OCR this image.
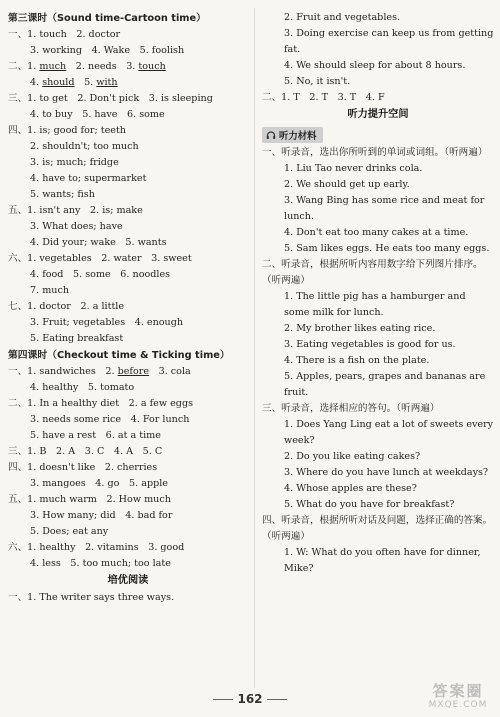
第三课时（Sound time-Cartoon time）
一、1. touch　2. doctor
3. working　4. Wake　5. foolish
二、1. much　2. needs　3. touch
4. should　5. with
三、1. to get　2. Don't pick　3. is sleeping
4. to buy　5. have　6. some
四、1. is; good for; teeth
2. shouldn't; too much
3. is; much; fridge
4. have to; supermarket
5. wants; fish
五、1. isn't any　2. is; make
3. What does; have
4. Did your; wake　5. wants
六、1. vegetables　2. water　3. sweet
4. food　5. some　6. noodles
7. much
七、1. doctor　2. a little
3. Fruit; vegetables　4. enough
5. Eating breakfast
第四课时（Checkout time & Ticking time）
一、1. sandwiches　2. before　3. cola
4. healthy　5. tomato
二、1. In a healthy diet　2. a few eggs
3. needs some rice　4. For lunch
5. have a rest　6. at a time
三、1. B　2. A　3. C　4. A　5. C
四、1. doesn't like　2. cherries
3. mangoes　4. go　5. apple
五、1. much warm　2. How much
3. How many; did　4. bad for
5. Does; eat any
六、1. healthy　2. vitamins　3. good
4. less　5. too much; too late
培优阅读
一、1. The writer says three ways.
2. Fruit and vegetables.
3. Doing exercise can keep us from getting fat.
4. We should sleep for about 8 hours.
5. No, it isn't.
二、1. T　2. T　3. T　4. F
听力提升空间
听力材料
一、听录音，选出你所听到的单词或词组。（听两遍）
1. Liu Tao never drinks cola.
2. We should get up early.
3. Wang Bing has some rice and meat for lunch.
4. Don't eat too many cakes at a time.
5. Sam likes eggs. He eats too many eggs.
二、听录音，根据所听内容用数字给下列图片排序。（听两遍）
1. The little pig has a hamburger and some milk for lunch.
2. My brother likes eating rice.
3. Eating vegetables is good for us.
4. There is a fish on the plate.
5. Apples, pears, grapes and bananas are fruit.
三、听录音，选择相应的答句。（听两遍）
1. Does Yang Ling eat a lot of sweets every week?
2. Do you like eating cakes?
3. Where do you have lunch at weekdays?
4. Whose apples are these?
5. What do you have for breakfast?
四、听录音，根据所听对话及问题，选择正确的答案。（听两遍）
1. W: What do you often have for dinner, Mike?
162	答案圈
MXQE.COM
